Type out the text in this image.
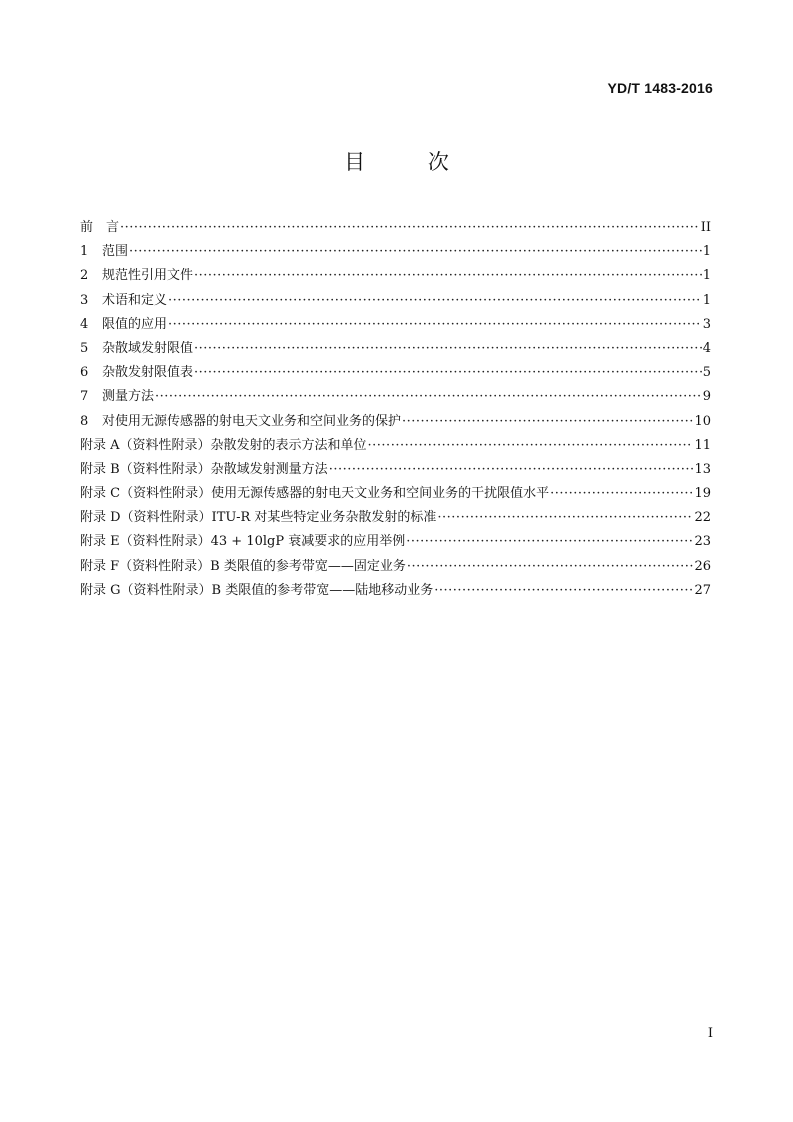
YD/T 1483-2016
目 次
前　言 ·····	II
1	范围 ·····	1
2	规范性引用文件 ·····	1
3	术语和定义 ·····	1
4	限值的应用 ·····	3
5	杂散域发射限值 ·····	4
6	杂散发射限值表 ·····	5
7	测量方法 ·····	9
8	对使用无源传感器的射电天文业务和空间业务的保护 ·····	10
附录 A（资料性附录）杂散发射的表示方法和单位 ·····	11
附录 B（资料性附录）杂散域发射测量方法 ·····	13
附录 C（资料性附录）使用无源传感器的射电天文业务和空间业务的干扰限值水平 ·····	19
附录 D（资料性附录）ITU-R 对某些特定业务杂散发射的标准 ·····	22
附录 E（资料性附录）43 + 10lgP 衰减要求的应用举例 ·····	23
附录 F（资料性附录）B 类限值的参考带宽——固定业务 ·····	26
附录 G（资料性附录）B 类限值的参考带宽——陆地移动业务 ·····	27
I
